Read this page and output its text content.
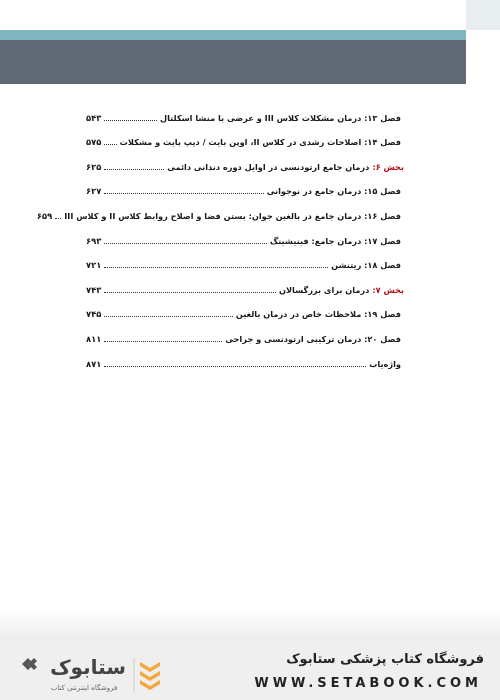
فصل ۱۳: درمان مشکلات کلاس III و عرضی با منشا اسکلتال
۵۴۳
فصل ۱۴: اصلاحات رشدی در کلاس II، اوپن بایت / دیپ بایت و مشکلات
۵۷۵
بخش ۶:
درمان جامع ارتودنسی در اوایل دوره دندانی دائمی
۶۲۵
فصل ۱۵: درمان جامع در نوجوانی
۶۲۷
فصل ۱۶: درمان جامع در بالغین جوان: بستن فضا و اصلاح روابط کلاس II و کلاس III
۶۵۹
فصل ۱۷: درمان جامع: فینیشینگ
۶۹۳
فصل ۱۸: ریتنشن
۷۲۱
بخش ۷:
درمان برای بزرگسالان
۷۴۳
فصل ۱۹: ملاحظات خاص در درمان بالغین
۷۴۵
فصل ۲۰: درمان ترکیبی ارتودنسی و جراحی
۸۱۱
واژه‌یاب
۸۷۱
ستابوک
فروشگاه اینترنتی کتاب
فروشگاه کتاب پزشکی ستابوک
WWW.SETABOOK.COM
